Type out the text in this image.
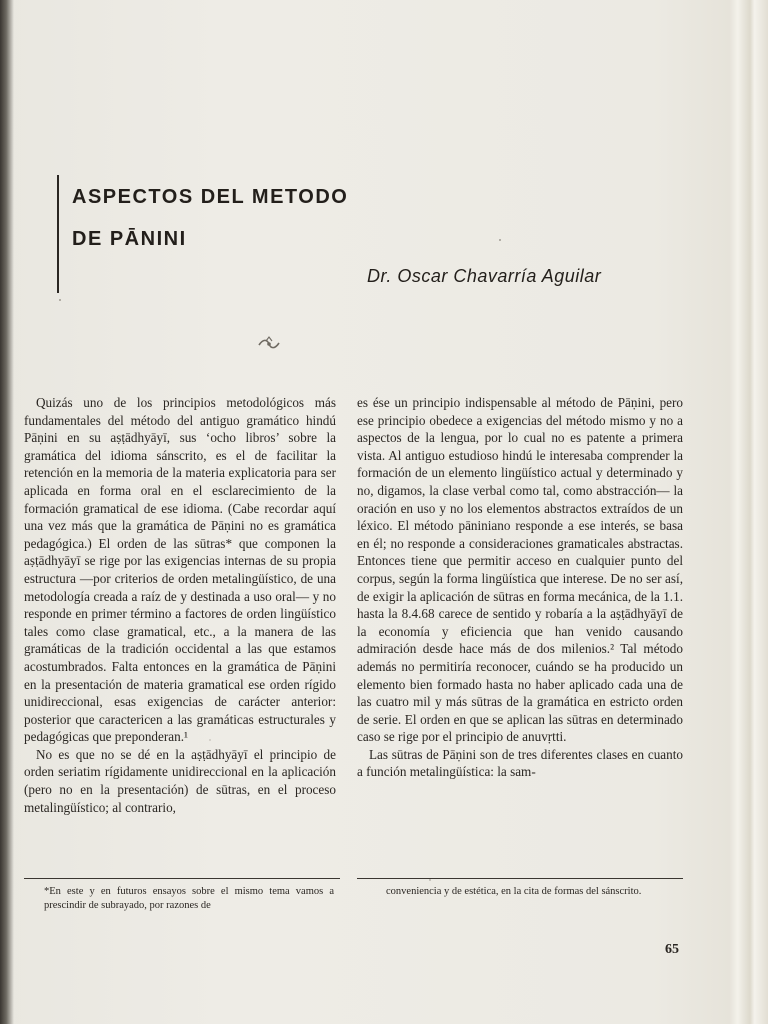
ASPECTOS DEL METODO
DE PĀNINI
Dr. Oscar Chavarría Aguilar

Quizás uno de los principios metodológicos más fundamentales del método del antiguo gramático hindú Pāṇini en su aṣṭādhyāyī, sus ‘ocho libros’ sobre la gramática del idioma sánscrito, es el de facilitar la retención en la memoria de la materia explicatoria para ser aplicada en forma oral en el esclarecimiento de la formación gramatical de ese idioma. (Cabe recordar aquí una vez más que la gramática de Pāṇini no es gramática pedagógica.) El orden de las sūtras* que componen la aṣṭādhyāyī se rige por las exigencias internas de su propia estructura —por criterios de orden metalingüístico, de una metodología creada a raíz de y destinada a uso oral— y no responde en primer término a factores de orden lingüístico tales como clase gramatical, etc., a la manera de las gramáticas de la tradición occidental a las que estamos acostumbrados. Falta entonces en la gramática de Pāṇini en la presentación de materia gramatical ese orden rígido unidireccional, esas exigencias de carácter anterior: posterior que caractericen a las gramáticas estructurales y pedagógicas que preponderan.¹

No es que no se dé en la aṣṭādhyāyī el principio de orden seriatim rígidamente unidireccional en la aplicación (pero no en la presentación) de sūtras, en el proceso metalingüístico; al contrario,

es ése un principio indispensable al método de Pāṇini, pero ese principio obedece a exigencias del método mismo y no a aspectos de la lengua, por lo cual no es patente a primera vista. Al antiguo estudioso hindú le interesaba comprender la formación de un elemento lingüístico actual y determinado y no, digamos, la clase verbal como tal, como abstracción— la oración en uso y no los elementos abstractos extraídos de un léxico. El método pāniniano responde a ese interés, se basa en él; no responde a consideraciones gramaticales abstractas. Entonces tiene que permitir acceso en cualquier punto del corpus, según la forma lingüística que interese. De no ser así, de exigir la aplicación de sūtras en forma mecánica, de la 1.1. hasta la 8.4.68 carece de sentido y robaría a la aṣṭādhyāyī de la economía y eficiencia que han venido causando admiración desde hace más de dos milenios.² Tal método además no permitiría reconocer, cuándo se ha producido un elemento bien formado hasta no haber aplicado cada una de las cuatro mil y más sūtras de la gramática en estricto orden de serie. El orden en que se aplican las sūtras en determinado caso se rige por el principio de anuvṛtti.

Las sūtras de Pāṇini son de tres diferentes clases en cuanto a función metalingüística: la sam-

*En este y en futuros ensayos sobre el mismo tema vamos a prescindir de subrayado, por razones de
conveniencia y de estética, en la cita de formas del sánscrito.
65
